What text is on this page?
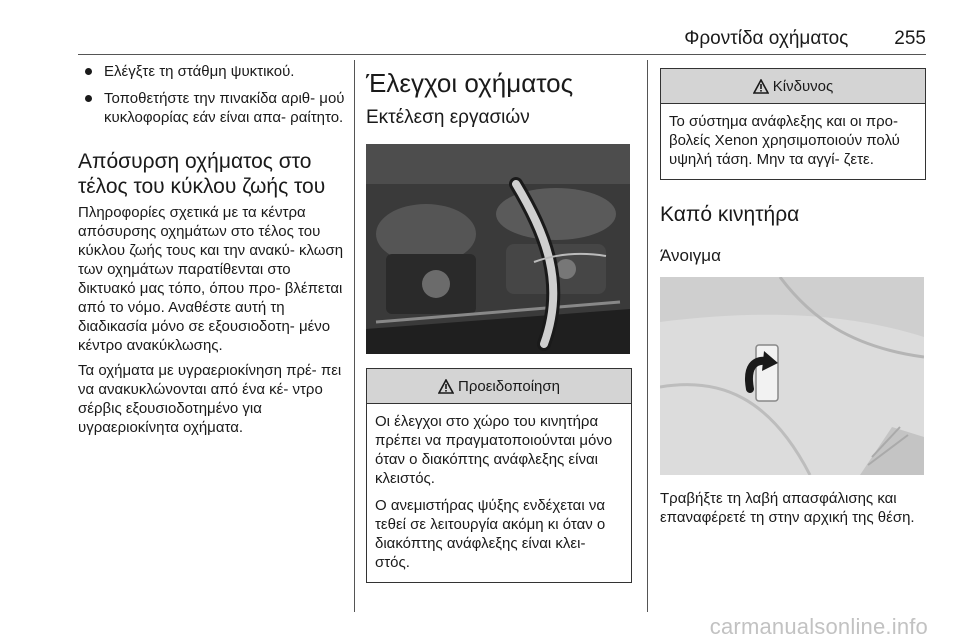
Φροντίδα οχήματος 255
Ελέγξτε τη στάθμη ψυκτικού.
Τοποθετήστε την πινακίδα αριθ- μού κυκλοφορίας εάν είναι απα- ραίτητο.
Απόσυρση οχήματος στο τέλος του κύκλου ζωής του

Πληροφορίες σχετικά με τα κέντρα απόσυρσης οχημάτων στο τέλος του κύκλου ζωής τους και την ανακύ- κλωση των οχημάτων παρατίθενται στο δικτυακό μας τόπο, όπου προ- βλέπεται από το νόμο. Αναθέστε αυτή τη διαδικασία μόνο σε εξουσιοδοτη- μένο κέντρο ανακύκλωσης.

Τα οχήματα με υγραεριοκίνηση πρέ- πει να ανακυκλώνονται από ένα κέ- ντρο σέρβις εξουσιοδοτημένο για υγραεριοκίνητα οχήματα.

Έλεγχοι οχήματος
Εκτέλεση εργασιών
Προειδοποίηση

Οι έλεγχοι στο χώρο του κινητήρα πρέπει να πραγματοποιούνται μόνο όταν ο διακόπτης ανάφλεξης είναι κλειστός.

Ο ανεμιστήρας ψύξης ενδέχεται να τεθεί σε λειτουργία ακόμη κι όταν ο διακόπτης ανάφλεξης είναι κλει- στός.

Κίνδυνος

Το σύστημα ανάφλεξης και οι προ- βολείς Xenon χρησιμοποιούν πολύ υψηλή τάση. Μην τα αγγί- ζετε.

Καπό κινητήρα
Άνοιγμα

Τραβήξτε τη λαβή απασφάλισης και επαναφέρετέ τη στην αρχική της θέση.

carmanualsonline.info
